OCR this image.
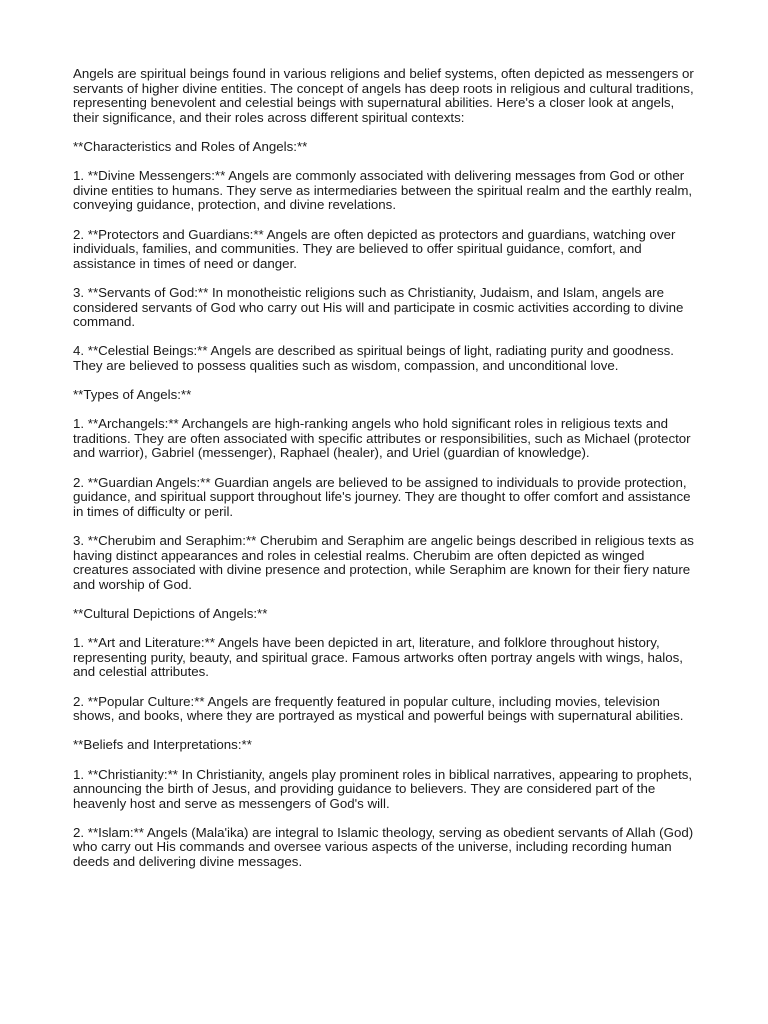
Angels are spiritual beings found in various religions and belief systems, often depicted as messengers or servants of higher divine entities. The concept of angels has deep roots in religious and cultural traditions, representing benevolent and celestial beings with supernatural abilities. Here's a closer look at angels, their significance, and their roles across different spiritual contexts:

**Characteristics and Roles of Angels:**

1. **Divine Messengers:** Angels are commonly associated with delivering messages from God or other divine entities to humans. They serve as intermediaries between the spiritual realm and the earthly realm, conveying guidance, protection, and divine revelations.

2. **Protectors and Guardians:** Angels are often depicted as protectors and guardians, watching over individuals, families, and communities. They are believed to offer spiritual guidance, comfort, and assistance in times of need or danger.

3. **Servants of God:** In monotheistic religions such as Christianity, Judaism, and Islam, angels are considered servants of God who carry out His will and participate in cosmic activities according to divine command.

4. **Celestial Beings:** Angels are described as spiritual beings of light, radiating purity and goodness. They are believed to possess qualities such as wisdom, compassion, and unconditional love.

**Types of Angels:**

1. **Archangels:** Archangels are high-ranking angels who hold significant roles in religious texts and traditions. They are often associated with specific attributes or responsibilities, such as Michael (protector and warrior), Gabriel (messenger), Raphael (healer), and Uriel (guardian of knowledge).

2. **Guardian Angels:** Guardian angels are believed to be assigned to individuals to provide protection, guidance, and spiritual support throughout life's journey. They are thought to offer comfort and assistance in times of difficulty or peril.

3. **Cherubim and Seraphim:** Cherubim and Seraphim are angelic beings described in religious texts as having distinct appearances and roles in celestial realms. Cherubim are often depicted as winged creatures associated with divine presence and protection, while Seraphim are known for their fiery nature and worship of God.

**Cultural Depictions of Angels:**

1. **Art and Literature:** Angels have been depicted in art, literature, and folklore throughout history, representing purity, beauty, and spiritual grace. Famous artworks often portray angels with wings, halos, and celestial attributes.

2. **Popular Culture:** Angels are frequently featured in popular culture, including movies, television shows, and books, where they are portrayed as mystical and powerful beings with supernatural abilities.

**Beliefs and Interpretations:**

1. **Christianity:** In Christianity, angels play prominent roles in biblical narratives, appearing to prophets, announcing the birth of Jesus, and providing guidance to believers. They are considered part of the heavenly host and serve as messengers of God's will.

2. **Islam:** Angels (Mala'ika) are integral to Islamic theology, serving as obedient servants of Allah (God) who carry out His commands and oversee various aspects of the universe, including recording human deeds and delivering divine messages.
